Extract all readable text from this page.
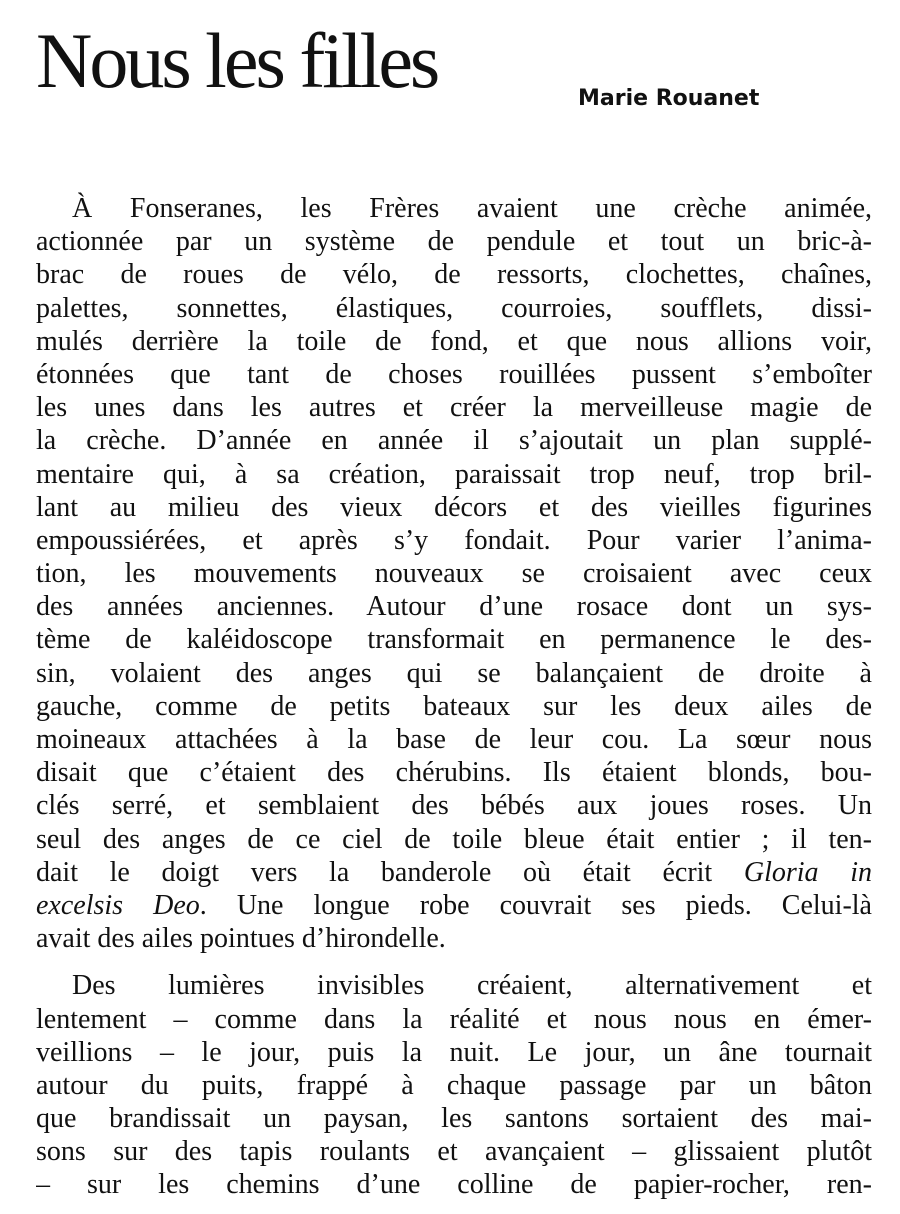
Nous les filles	Marie Rouanet

À Fonseranes, les Frères avaient une crèche animée,
actionnée par un système de pendule et tout un bric-à-
brac de roues de vélo, de ressorts, clochettes, chaînes,
palettes, sonnettes, élastiques, courroies, soufflets, dissi-
mulés derrière la toile de fond, et que nous allions voir,
étonnées que tant de choses rouillées pussent s’emboîter
les unes dans les autres et créer la merveilleuse magie de
la crèche. D’année en année il s’ajoutait un plan supplé-
mentaire qui, à sa création, paraissait trop neuf, trop bril-
lant au milieu des vieux décors et des vieilles figurines
empoussiérées, et après s’y fondait. Pour varier l’anima-
tion, les mouvements nouveaux se croisaient avec ceux
des années anciennes. Autour d’une rosace dont un sys-
tème de kaléidoscope transformait en permanence le des-
sin, volaient des anges qui se balançaient de droite à
gauche, comme de petits bateaux sur les deux ailes de
moineaux attachées à la base de leur cou. La sœur nous
disait que c’étaient des chérubins. Ils étaient blonds, bou-
clés serré, et semblaient des bébés aux joues roses. Un
seul des anges de ce ciel de toile bleue était entier ; il ten-
dait le doigt vers la banderole où était écrit Gloria in
excelsis Deo. Une longue robe couvrait ses pieds. Celui-là
avait des ailes pointues d’hirondelle.

Des lumières invisibles créaient, alternativement et
lentement – comme dans la réalité et nous nous en émer-
veillions – le jour, puis la nuit. Le jour, un âne tournait
autour du puits, frappé à chaque passage par un bâton
que brandissait un paysan, les santons sortaient des mai-
sons sur des tapis roulants et avançaient – glissaient plutôt
– sur les chemins d’une colline de papier-rocher, ren-
